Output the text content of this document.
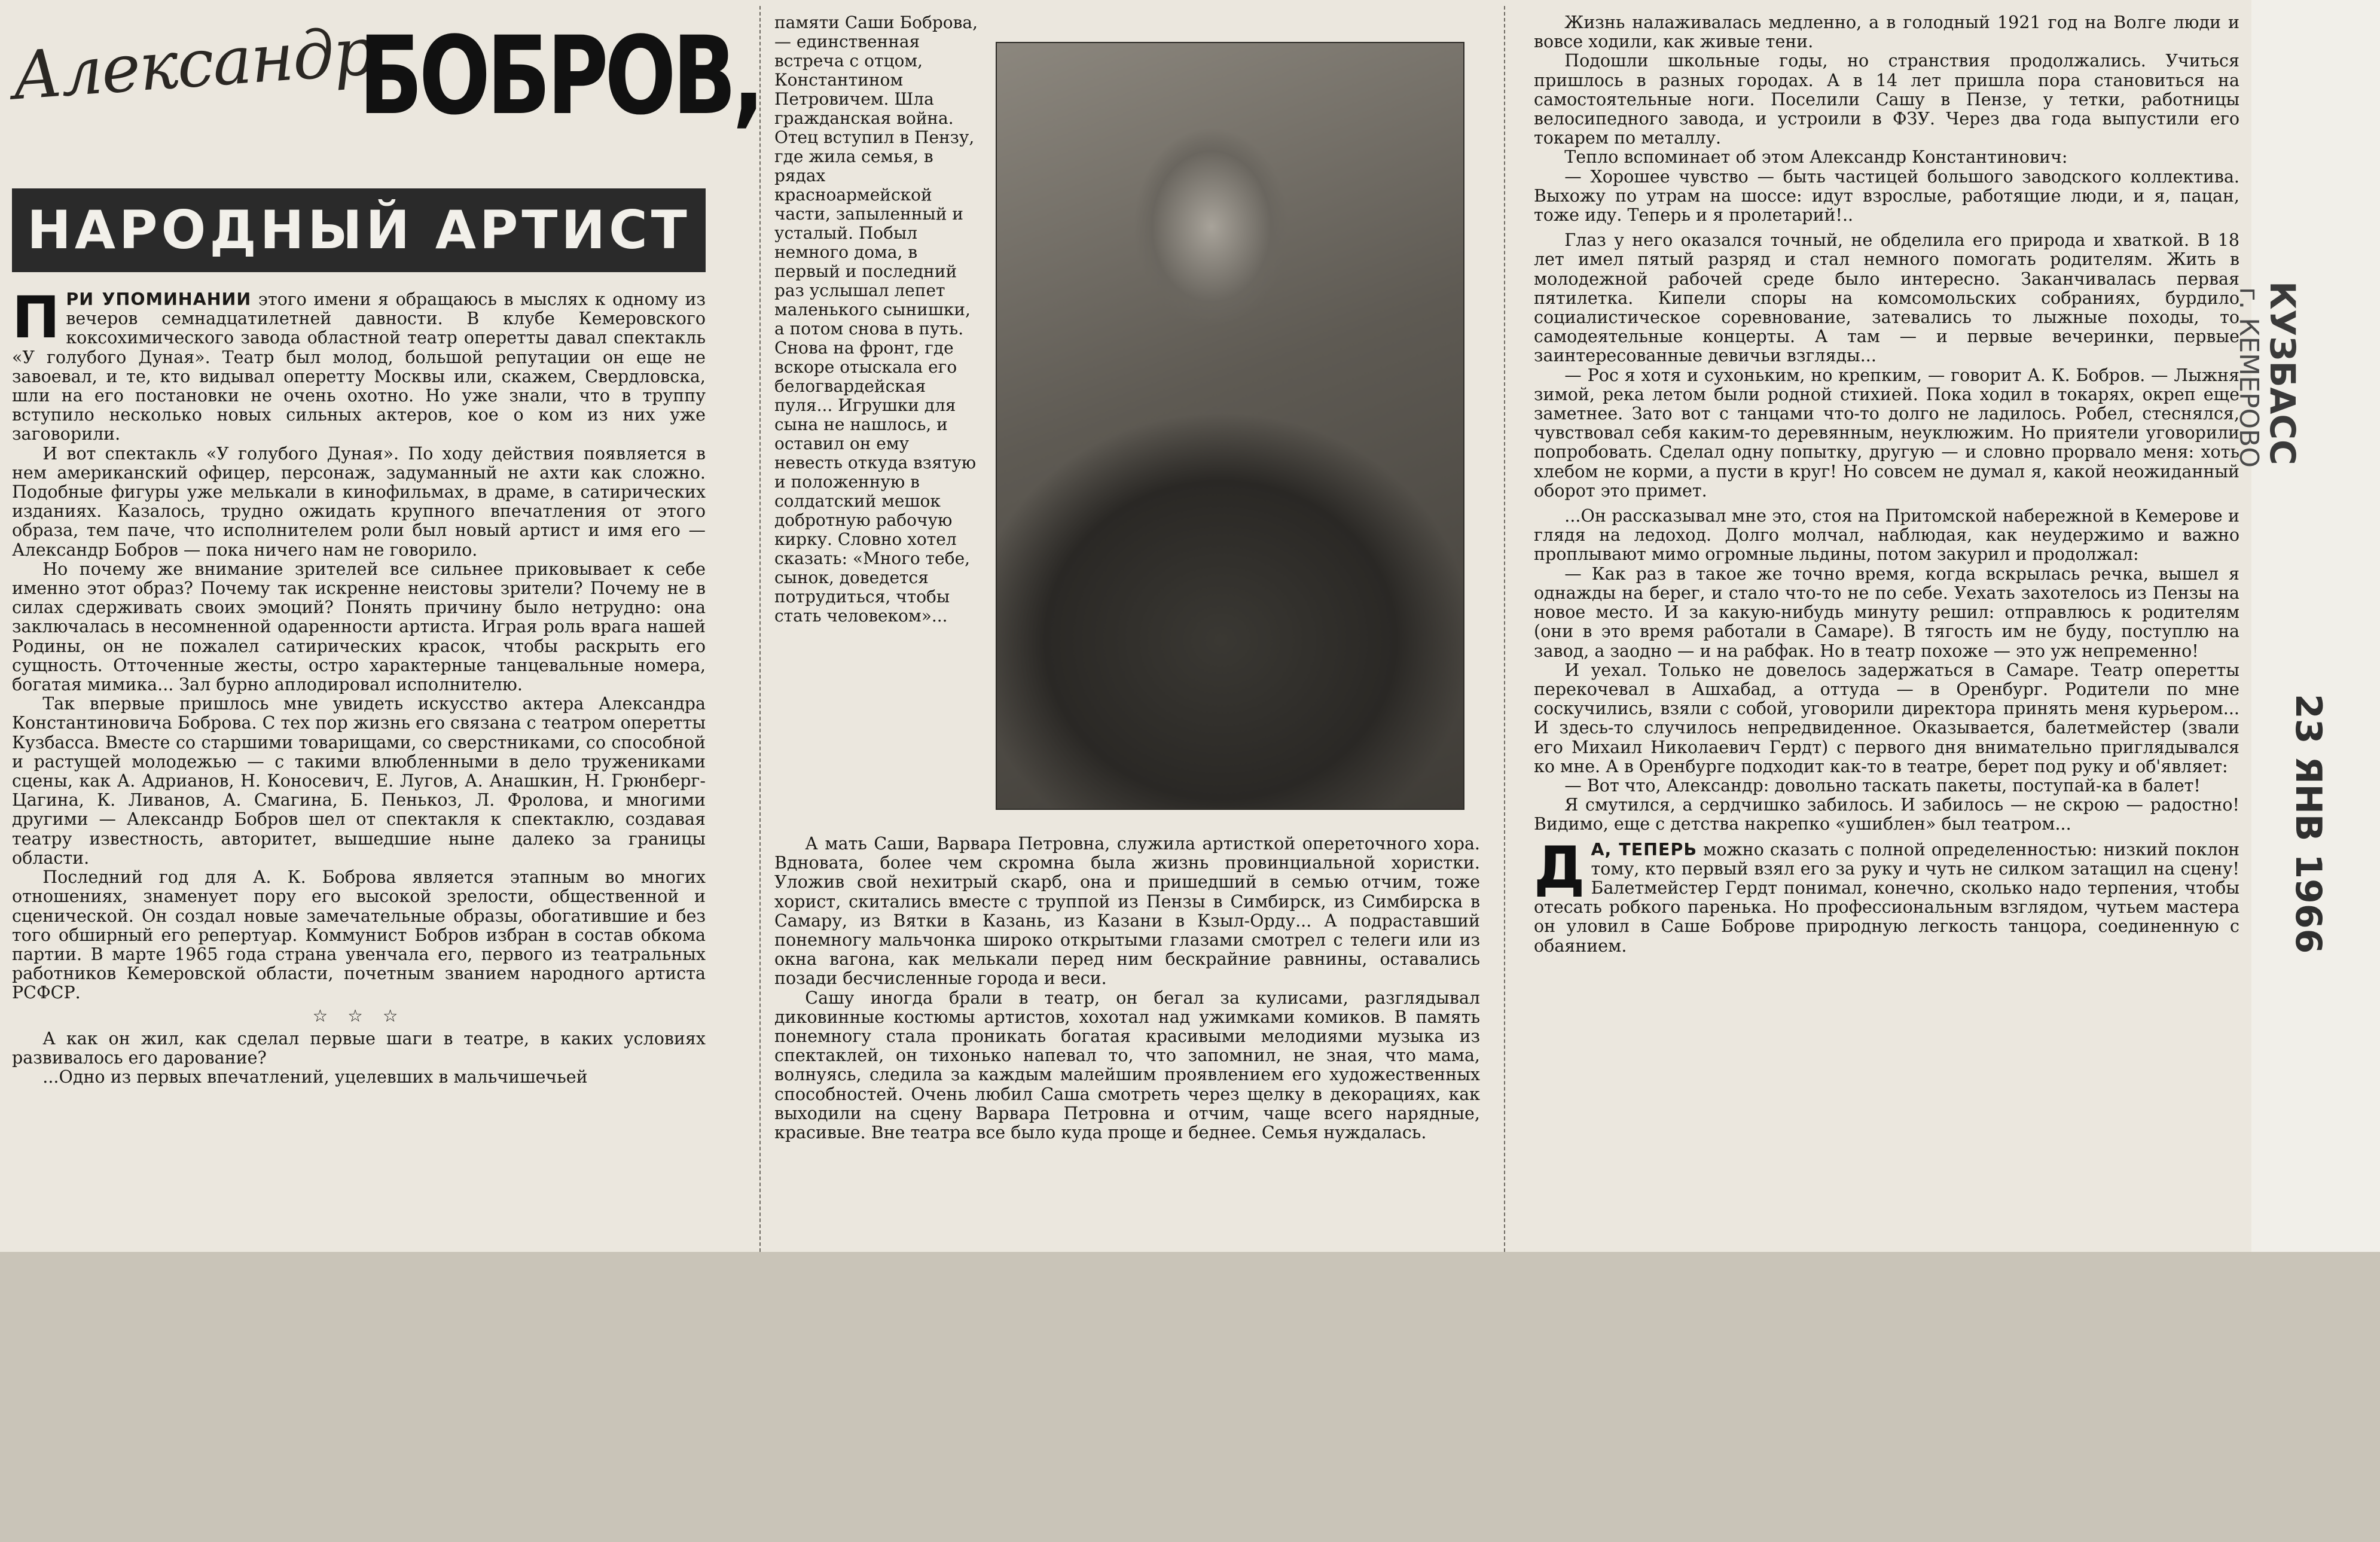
Александр
БОБРОВ,
НАРОДНЫЙ АРТИСТ

ПРИ УПОМИНАНИИ этого имени я обращаюсь в мыслях к одному из вечеров семнадцатилетней давности. В клубе Кемеровского коксохимического завода областной театр оперетты давал спектакль «У голубого Дуная». Театр был молод, большой репутации он еще не завоевал, и те, кто видывал оперетту Москвы или, скажем, Свердловска, шли на его постановки не очень охотно. Но уже знали, что в труппу вступило несколько новых сильных актеров, кое о ком из них уже заговорили.

И вот спектакль «У голубого Дуная». По ходу действия появляется в нем американский офицер, персонаж, задуманный не ахти как сложно. Подобные фигуры уже мелькали в кинофильмах, в драме, в сатирических изданиях. Казалось, трудно ожидать крупного впечатления от этого образа, тем паче, что исполнителем роли был новый артист и имя его — Александр Бобров — пока ничего нам не говорило.

Но почему же внимание зрителей все сильнее приковывает к себе именно этот образ? Почему так искренне неистовы зрители? Почему не в силах сдерживать своих эмоций? Понять причину было нетрудно: она заключалась в несомненной одаренности артиста. Играя роль врага нашей Родины, он не пожалел сатирических красок, чтобы раскрыть его сущность. Отточенные жесты, остро характерные танцевальные номера, богатая мимика... Зал бурно аплодировал исполнителю.

Так впервые пришлось мне увидеть искусство актера Александра Константиновича Боброва. С тех пор жизнь его связана с театром оперетты Кузбасса. Вместе со старшими товарищами, со сверстниками, со способной и растущей молодежью — с такими влюбленными в дело тружениками сцены, как А. Адрианов, Н. Коносевич, Е. Лугов, А. Анашкин, Н. Грюнберг-Цагина, К. Ливанов, А. Смагина, Б. Пенькоз, Л. Фролова, и многими другими — Александр Бобров шел от спектакля к спектаклю, создавая театру известность, авторитет, вышедшие ныне далеко за границы области.

Последний год для А. К. Боброва является этапным во многих отношениях, знаменует пору его высокой зрелости, общественной и сценической. Он создал новые замечательные образы, обогатившие и без того обширный его репертуар. Коммунист Бобров избран в состав обкома партии. В марте 1965 года страна увенчала его, первого из театральных работников Кемеровской области, почетным званием народного артиста РСФСР.

☆ ☆ ☆

А как он жил, как сделал первые шаги в театре, в каких условиях развивалось его дарование?

...Одно из первых впечатлений, уцелевших в мальчишечьей

памяти Саши Боброва, — единственная встреча с отцом, Константином Петровичем. Шла гражданская война. Отец вступил в Пензу, где жила семья, в рядах красноармейской части, запыленный и усталый. Побыл немного дома, в первый и последний раз услышал лепет маленького сынишки, а потом снова в путь. Снова на фронт, где вскоре отыскала его белогвардейская пуля... Игрушки для сына не нашлось, и оставил он ему невесть откуда взятую и положенную в солдатский мешок добротную рабочую кирку. Словно хотел сказать: «Много тебе, сынок, доведется потрудиться, чтобы стать человеком»...

А мать Саши, Варвара Петровна, служила артисткой опереточного хора. Вдновата, более чем скромна была жизнь провинциальной хористки. Уложив свой нехитрый скарб, она и пришедший в семью отчим, тоже хорист, скитались вместе с труппой из Пензы в Симбирск, из Симбирска в Самару, из Вятки в Казань, из Казани в Кзыл-Орду... А подраставший понемногу мальчонка широко открытыми глазами смотрел с телеги или из окна вагона, как мелькали перед ним бескрайние равнины, оставались позади бесчисленные города и веси.

Сашу иногда брали в театр, он бегал за кулисами, разглядывал диковинные костюмы артистов, хохотал над ужимками комиков. В память понемногу стала проникать богатая красивыми мелодиями музыка из спектаклей, он тихонько напевал то, что запомнил, не зная, что мама, волнуясь, следила за каждым малейшим проявлением его художественных способностей. Очень любил Саша смотреть через щелку в декорациях, как выходили на сцену Варвара Петровна и отчим, чаще всего нарядные, красивые. Вне театра все было куда проще и беднее. Семья нуждалась.

Жизнь налаживалась медленно, а в голодный 1921 год на Волге люди и вовсе ходили, как живые тени.

Подошли школьные годы, но странствия продолжались. Учиться пришлось в разных городах. А в 14 лет пришла пора становиться на самостоятельные ноги. Поселили Сашу в Пензе, у тетки, работницы велосипедного завода, и устроили в ФЗУ. Через два года выпустили его токарем по металлу.

Тепло вспоминает об этом Александр Константинович:

— Хорошее чувство — быть частицей большого заводского коллектива. Выхожу по утрам на шоссе: идут взрослые, работящие люди, и я, пацан, тоже иду. Теперь и я пролетарий!..

Глаз у него оказался точный, не обделила его природа и хваткой. В 18 лет имел пятый разряд и стал немного помогать родителям. Жить в молодежной рабочей среде было интересно. Заканчивалась первая пятилетка. Кипели споры на комсомольских собраниях, бурдило социалистическое соревнование, затевались то лыжные походы, то самодеятельные концерты. А там — и первые вечеринки, первые заинтересованные девичьи взгляды...

— Рос я хотя и сухоньким, но крепким, — говорит А. К. Бобров. — Лыжня зимой, река летом были родной стихией. Пока ходил в токарях, окреп еще заметнее. Зато вот с танцами что-то долго не ладилось. Робел, стеснялся, чувствовал себя каким-то деревянным, неуклюжим. Но приятели уговорили попробовать. Сделал одну попытку, другую — и словно прорвало меня: хоть хлебом не корми, а пусти в круг! Но совсем не думал я, какой неожиданный оборот это примет.

...Он рассказывал мне это, стоя на Притомской набережной в Кемерове и глядя на ледоход. Долго молчал, наблюдая, как неудержимо и важно проплывают мимо огромные льдины, потом закурил и продолжал:

— Как раз в такое же точно время, когда вскрылась речка, вышел я однажды на берег, и стало что-то не по себе. Уехать захотелось из Пензы на новое место. И за какую-нибудь минуту решил: отправлюсь к родителям (они в это время работали в Самаре). В тягость им не буду, поступлю на завод, а заодно — и на рабфак. Но в театр похоже — это уж непременно!

И уехал. Только не довелось задержаться в Самаре. Театр оперетты перекочевал в Ашхабад, а оттуда — в Оренбург. Родители по мне соскучились, взяли с собой, уговорили директора принять меня курьером... И здесь-то случилось непредвиденное. Оказывается, балетмейстер (звали его Михаил Николаевич Гердт) с первого дня внимательно приглядывался ко мне. А в Оренбурге подходит как-то в театре, берет под руку и об'являет:

— Вот что, Александр: довольно таскать пакеты, поступай-ка в балет!

Я смутился, а сердчишко забилось. И забилось — не скрою — радостно! Видимо, еще с детства накрепко «ушиблен» был театром...

Д А, ТЕПЕРЬ можно сказать с полной определенностью: низкий поклон тому, кто первый взял его за руку и чуть не силком затащил на сцену! Балетмейстер Гердт понимал, конечно, сколько надо терпения, чтобы отесать робкого паренька. Но профессиональным взглядом, чутьем мастера он уловил в Саше Боброве природную легкость танцора, соединенную с обаянием.

г. КЕМЕРОВО
23 ЯНВ 1966
